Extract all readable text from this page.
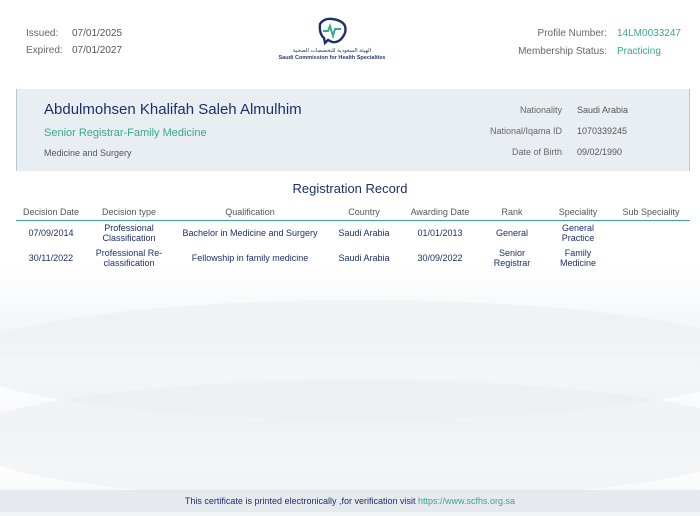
Issued:	07/01/2025
Expired: 07/01/2027	الهيئة السعودية للتخصصات الصحية
Saudi Commission for Health Specialties
Profile Number: 14LM0033247
Membership Status: Practicing
Abdulmohsen Khalifah Saleh Almulhim
Senior Registrar-Family Medicine
Medicine and Surgery
Nationality Saudi Arabia
National/Iqama ID 1070339245
Date of Birth 09/02/1990
Registration Record
Decision Date	Decision type	Qualification	Country	Awarding Date	Rank	Speciality	Sub Speciality
07/09/2014	Professional Classification	Bachelor in Medicine and Surgery	Saudi Arabia	01/01/2013	General	General Practice	
30/11/2022	Professional Re-classification	Fellowship in family medicine	Saudi Arabia	30/09/2022	Senior Registrar	Family Medicine	
This certificate is printed electronically ,for verification visit https://www.scfhs.org.sa
